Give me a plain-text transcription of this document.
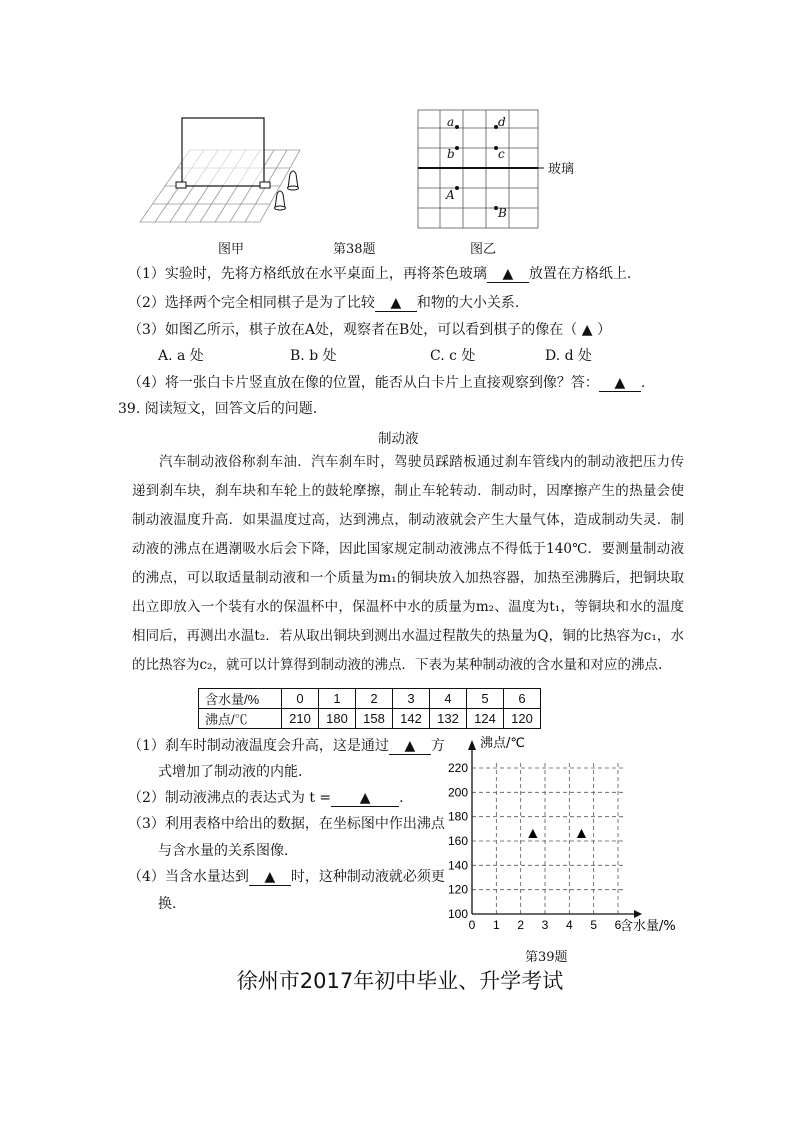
图甲	第38题
a
b	c
d
A
B
玻璃
图乙
（1）实验时，先将方格纸放在水平桌面上，再将茶色玻璃 ▲ 放置在方格纸上.
（2）选择两个完全相同棋子是为了比较 ▲ 和物的大小关系.
（3）如图乙所示，棋子放在A处，观察者在B处，可以看到棋子的像在（ ▲ ）
A. a 处	B. b 处	C. c 处	D. d 处
（4）将一张白卡片竖直放在像的位置，能否从白卡片上直接观察到像？答： ▲ .
39. 阅读短文，回答文后的问题.
制动液

汽车制动液俗称刹车油．汽车刹车时，驾驶员踩踏板通过刹车管线内的制动液把压力传递到刹车块，刹车块和车轮上的鼓轮摩擦，制止车轮转动．制动时，因摩擦产生的热量会使制动液温度升高．如果温度过高，达到沸点，制动液就会产生大量气体，造成制动失灵．制动液的沸点在遇潮吸水后会下降，因此国家规定制动液沸点不得低于140℃．要测量制动液的沸点，可以取适量制动液和一个质量为m₁的铜块放入加热容器，加热至沸腾后，把铜块取出立即放入一个装有水的保温杯中，保温杯中水的质量为m₂、温度为t₁，等铜块和水的温度相同后，再测出水温t₂．若从取出铜块到测出水温过程散失的热量为Q，铜的比热容为c₁，水的比热容为c₂，就可以计算得到制动液的沸点．下表为某种制动液的含水量和对应的沸点.

含水量/%	0	1	2	3	4	5	6
沸点/℃	210	180	158	142	132	124	120
（1）刹车时制动液温度会升高，这是通过 ▲ 方
式增加了制动液的内能.
（2）制动液沸点的表达式为 t = ▲ .
（3）利用表格中给出的数据，在坐标图中作出沸点
与含水量的关系图像.
（4）当含水量达到 ▲ 时，这种制动液就必须更
换.
0 1 2 3 4 5 6
100
120
140
160
180
200
220
▲	▲
沸点/℃
含水量/%
第39题
徐州市2017年初中毕业、升学考试
